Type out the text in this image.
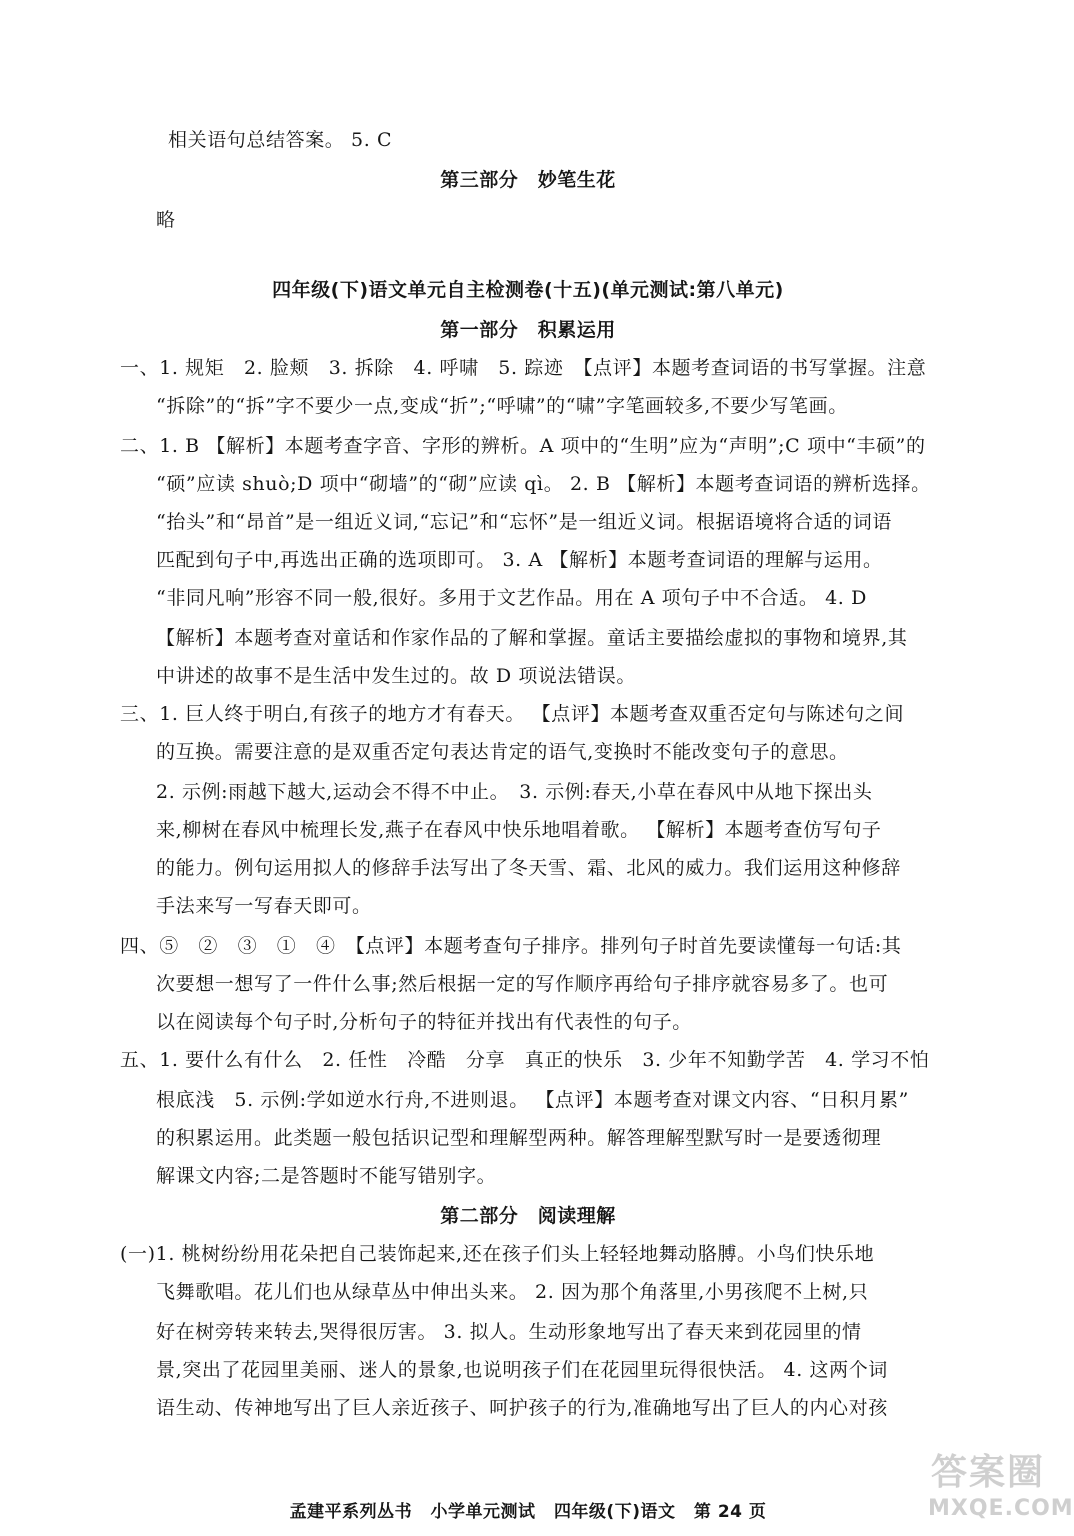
相关语句总结答案。 5. C
第三部分　妙笔生花
略
四年级(下)语文单元自主检测卷(十五)(单元测试:第八单元)
第一部分　积累运用
一、1. 规矩　2. 脸颊　3. 拆除　4. 呼啸　5. 踪迹　【点评】本题考查词语的书写掌握。注意
“拆除”的“拆”字不要少一点,变成“折”;“呼啸”的“啸”字笔画较多,不要少写笔画。
二、1. B 【解析】本题考查字音、字形的辨析。A 项中的“生明”应为“声明”;C 项中“丰硕”的
“硕”应读 shuò;D 项中“砌墙”的“砌”应读 qì。 2. B 【解析】本题考查词语的辨析选择。
“抬头”和“昂首”是一组近义词,“忘记”和“忘怀”是一组近义词。根据语境将合适的词语
匹配到句子中,再选出正确的选项即可。 3. A 【解析】本题考查词语的理解与运用。
“非同凡响”形容不同一般,很好。多用于文艺作品。用在 A 项句子中不合适。 4. D
【解析】本题考查对童话和作家作品的了解和掌握。童话主要描绘虚拟的事物和境界,其
中讲述的故事不是生活中发生过的。故 D 项说法错误。
三、1. 巨人终于明白,有孩子的地方才有春天。 【点评】本题考查双重否定句与陈述句之间
的互换。需要注意的是双重否定句表达肯定的语气,变换时不能改变句子的意思。
2. 示例:雨越下越大,运动会不得不中止。　3. 示例:春天,小草在春风中从地下探出头
来,柳树在春风中梳理长发,燕子在春风中快乐地唱着歌。 【解析】本题考查仿写句子
的能力。例句运用拟人的修辞手法写出了冬天雪、霜、北风的威力。我们运用这种修辞
手法来写一写春天即可。
四、⑤　②　③　①　④　【点评】本题考查句子排序。排列句子时首先要读懂每一句话:其
次要想一想写了一件什么事;然后根据一定的写作顺序再给句子排序就容易多了。也可
以在阅读每个句子时,分析句子的特征并找出有代表性的句子。
五、1. 要什么有什么　2. 任性　冷酷　分享　真正的快乐　3. 少年不知勤学苦　4. 学习不怕
根底浅　5. 示例:学如逆水行舟,不进则退。 【点评】本题考查对课文内容、“日积月累”
的积累运用。此类题一般包括识记型和理解型两种。解答理解型默写时一是要透彻理
解课文内容;二是答题时不能写错别字。
第二部分　阅读理解
(一)1. 桃树纷纷用花朵把自己装饰起来,还在孩子们头上轻轻地舞动胳膊。小鸟们快乐地
飞舞歌唱。花儿们也从绿草丛中伸出头来。 2. 因为那个角落里,小男孩爬不上树,只
好在树旁转来转去,哭得很厉害。 3. 拟人。生动形象地写出了春天来到花园里的情
景,突出了花园里美丽、迷人的景象,也说明孩子们在花园里玩得很快活。 4. 这两个词
语生动、传神地写出了巨人亲近孩子、呵护孩子的行为,准确地写出了巨人的内心对孩
孟建平系列丛书 小学单元测试 四年级(下)语文 第 24 页
答案圈
MXQE.COM
